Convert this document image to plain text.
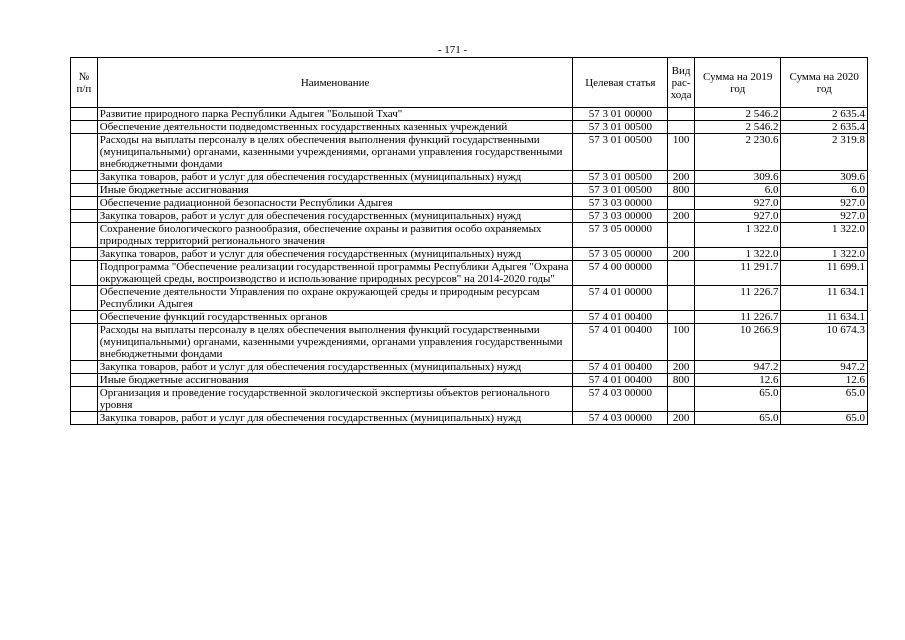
- 171 -
№ п/п	Наименование	Целевая статья	Вид рас-хода	Сумма на 2019 год	Сумма на 2020 год
	Развитие природного парка Республики Адыгея "Большой Тхач"	57 3 01 00000		2 546.2	2 635.4
	Обеспечение деятельности подведомственных государственных казенных учреждений	57 3 01 00500		2 546.2	2 635.4
	Расходы на выплаты персоналу в целях обеспечения выполнения функций государственными (муниципальными) органами, казенными учреждениями, органами управления государственными внебюджетными фондами	57 3 01 00500	100	2 230.6	2 319.8
	Закупка товаров, работ и услуг для обеспечения государственных (муниципальных) нужд	57 3 01 00500	200	309.6	309.6
	Иные бюджетные ассигнования	57 3 01 00500	800	6.0	6.0
	Обеспечение радиационной безопасности Республики Адыгея	57 3 03 00000		927.0	927.0
	Закупка товаров, работ и услуг для обеспечения государственных (муниципальных) нужд	57 3 03 00000	200	927.0	927.0
	Сохранение биологического разнообразия, обеспечение охраны и развития особо охраняемых природных территорий регионального значения	57 3 05 00000		1 322.0	1 322.0
	Закупка товаров, работ и услуг для обеспечения государственных (муниципальных) нужд	57 3 05 00000	200	1 322.0	1 322.0
	Подпрограмма "Обеспечение реализации государственной программы Республики Адыгея "Охрана окружающей среды, воспроизводство и использование природных ресурсов" на 2014-2020 годы"	57 4 00 00000		11 291.7	11 699.1
	Обеспечение деятельности Управления по охране окружающей среды и природным ресурсам Республики Адыгея	57 4 01 00000		11 226.7	11 634.1
	Обеспечение функций государственных органов	57 4 01 00400		11 226.7	11 634.1
	Расходы на выплаты персоналу в целях обеспечения выполнения функций государственными (муниципальными) органами, казенными учреждениями, органами управления государственными внебюджетными фондами	57 4 01 00400	100	10 266.9	10 674.3
	Закупка товаров, работ и услуг для обеспечения государственных (муниципальных) нужд	57 4 01 00400	200	947.2	947.2
	Иные бюджетные ассигнования	57 4 01 00400	800	12.6	12.6
	Организация и проведение государственной экологической экспертизы объектов регионального уровня	57 4 03 00000		65.0	65.0
	Закупка товаров, работ и услуг для обеспечения государственных (муниципальных) нужд	57 4 03 00000	200	65.0	65.0
